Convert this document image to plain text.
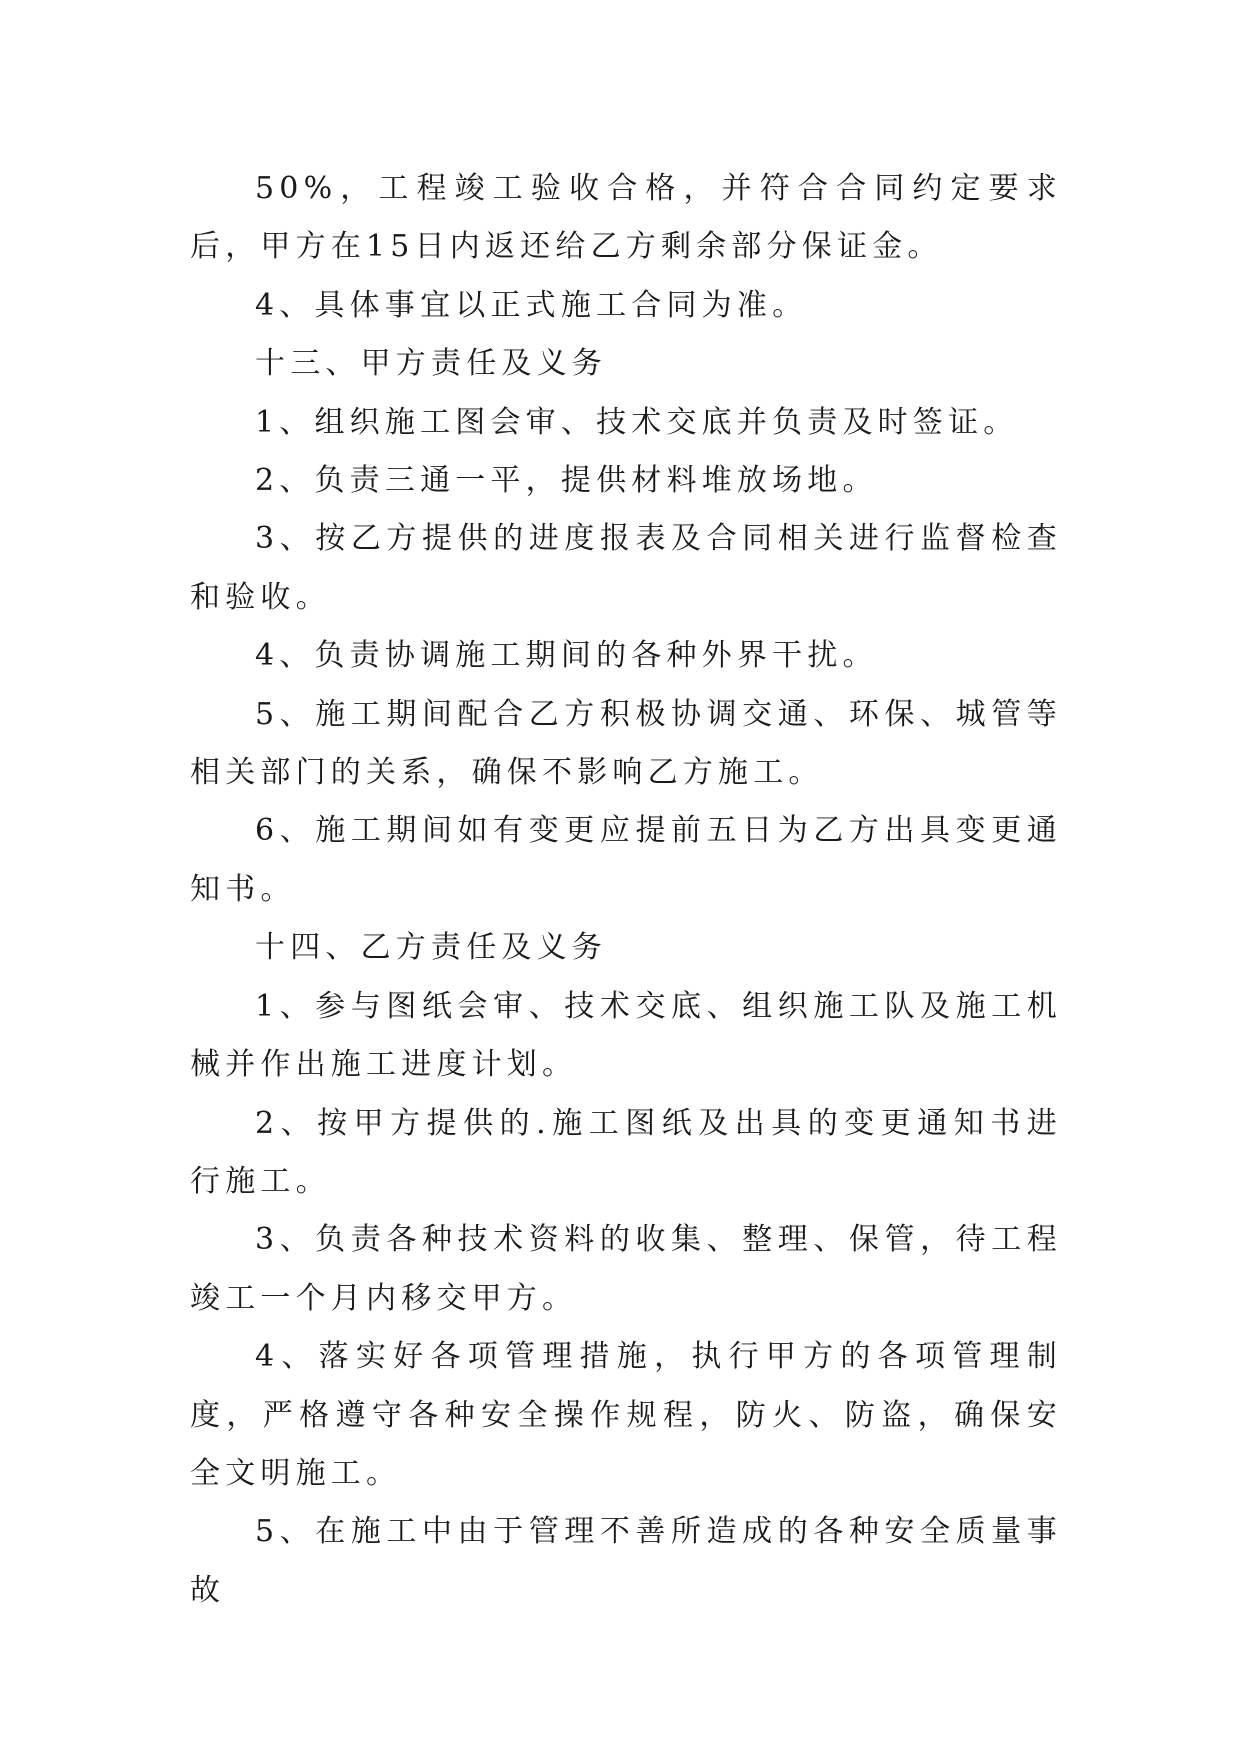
50%，工程竣工验收合格，并符合合同约定要求后，甲方在15日内返还给乙方剩余部分保证金。

4、具体事宜以正式施工合同为准。

十三、甲方责任及义务

1、组织施工图会审、技术交底并负责及时签证。

2、负责三通一平，提供材料堆放场地。

3、按乙方提供的进度报表及合同相关进行监督检查和验收。

4、负责协调施工期间的各种外界干扰。

5、施工期间配合乙方积极协调交通、环保、城管等相关部门的关系，确保不影响乙方施工。

6、施工期间如有变更应提前五日为乙方出具变更通知书。

十四、乙方责任及义务

1、参与图纸会审、技术交底、组织施工队及施工机械并作出施工进度计划。

2、按甲方提供的.施工图纸及出具的变更通知书进行施工。

3、负责各种技术资料的收集、整理、保管，待工程竣工一个月内移交甲方。

4、落实好各项管理措施，执行甲方的各项管理制度，严格遵守各种安全操作规程，防火、防盗，确保安全文明施工。

5、在施工中由于管理不善所造成的各种安全质量事故
